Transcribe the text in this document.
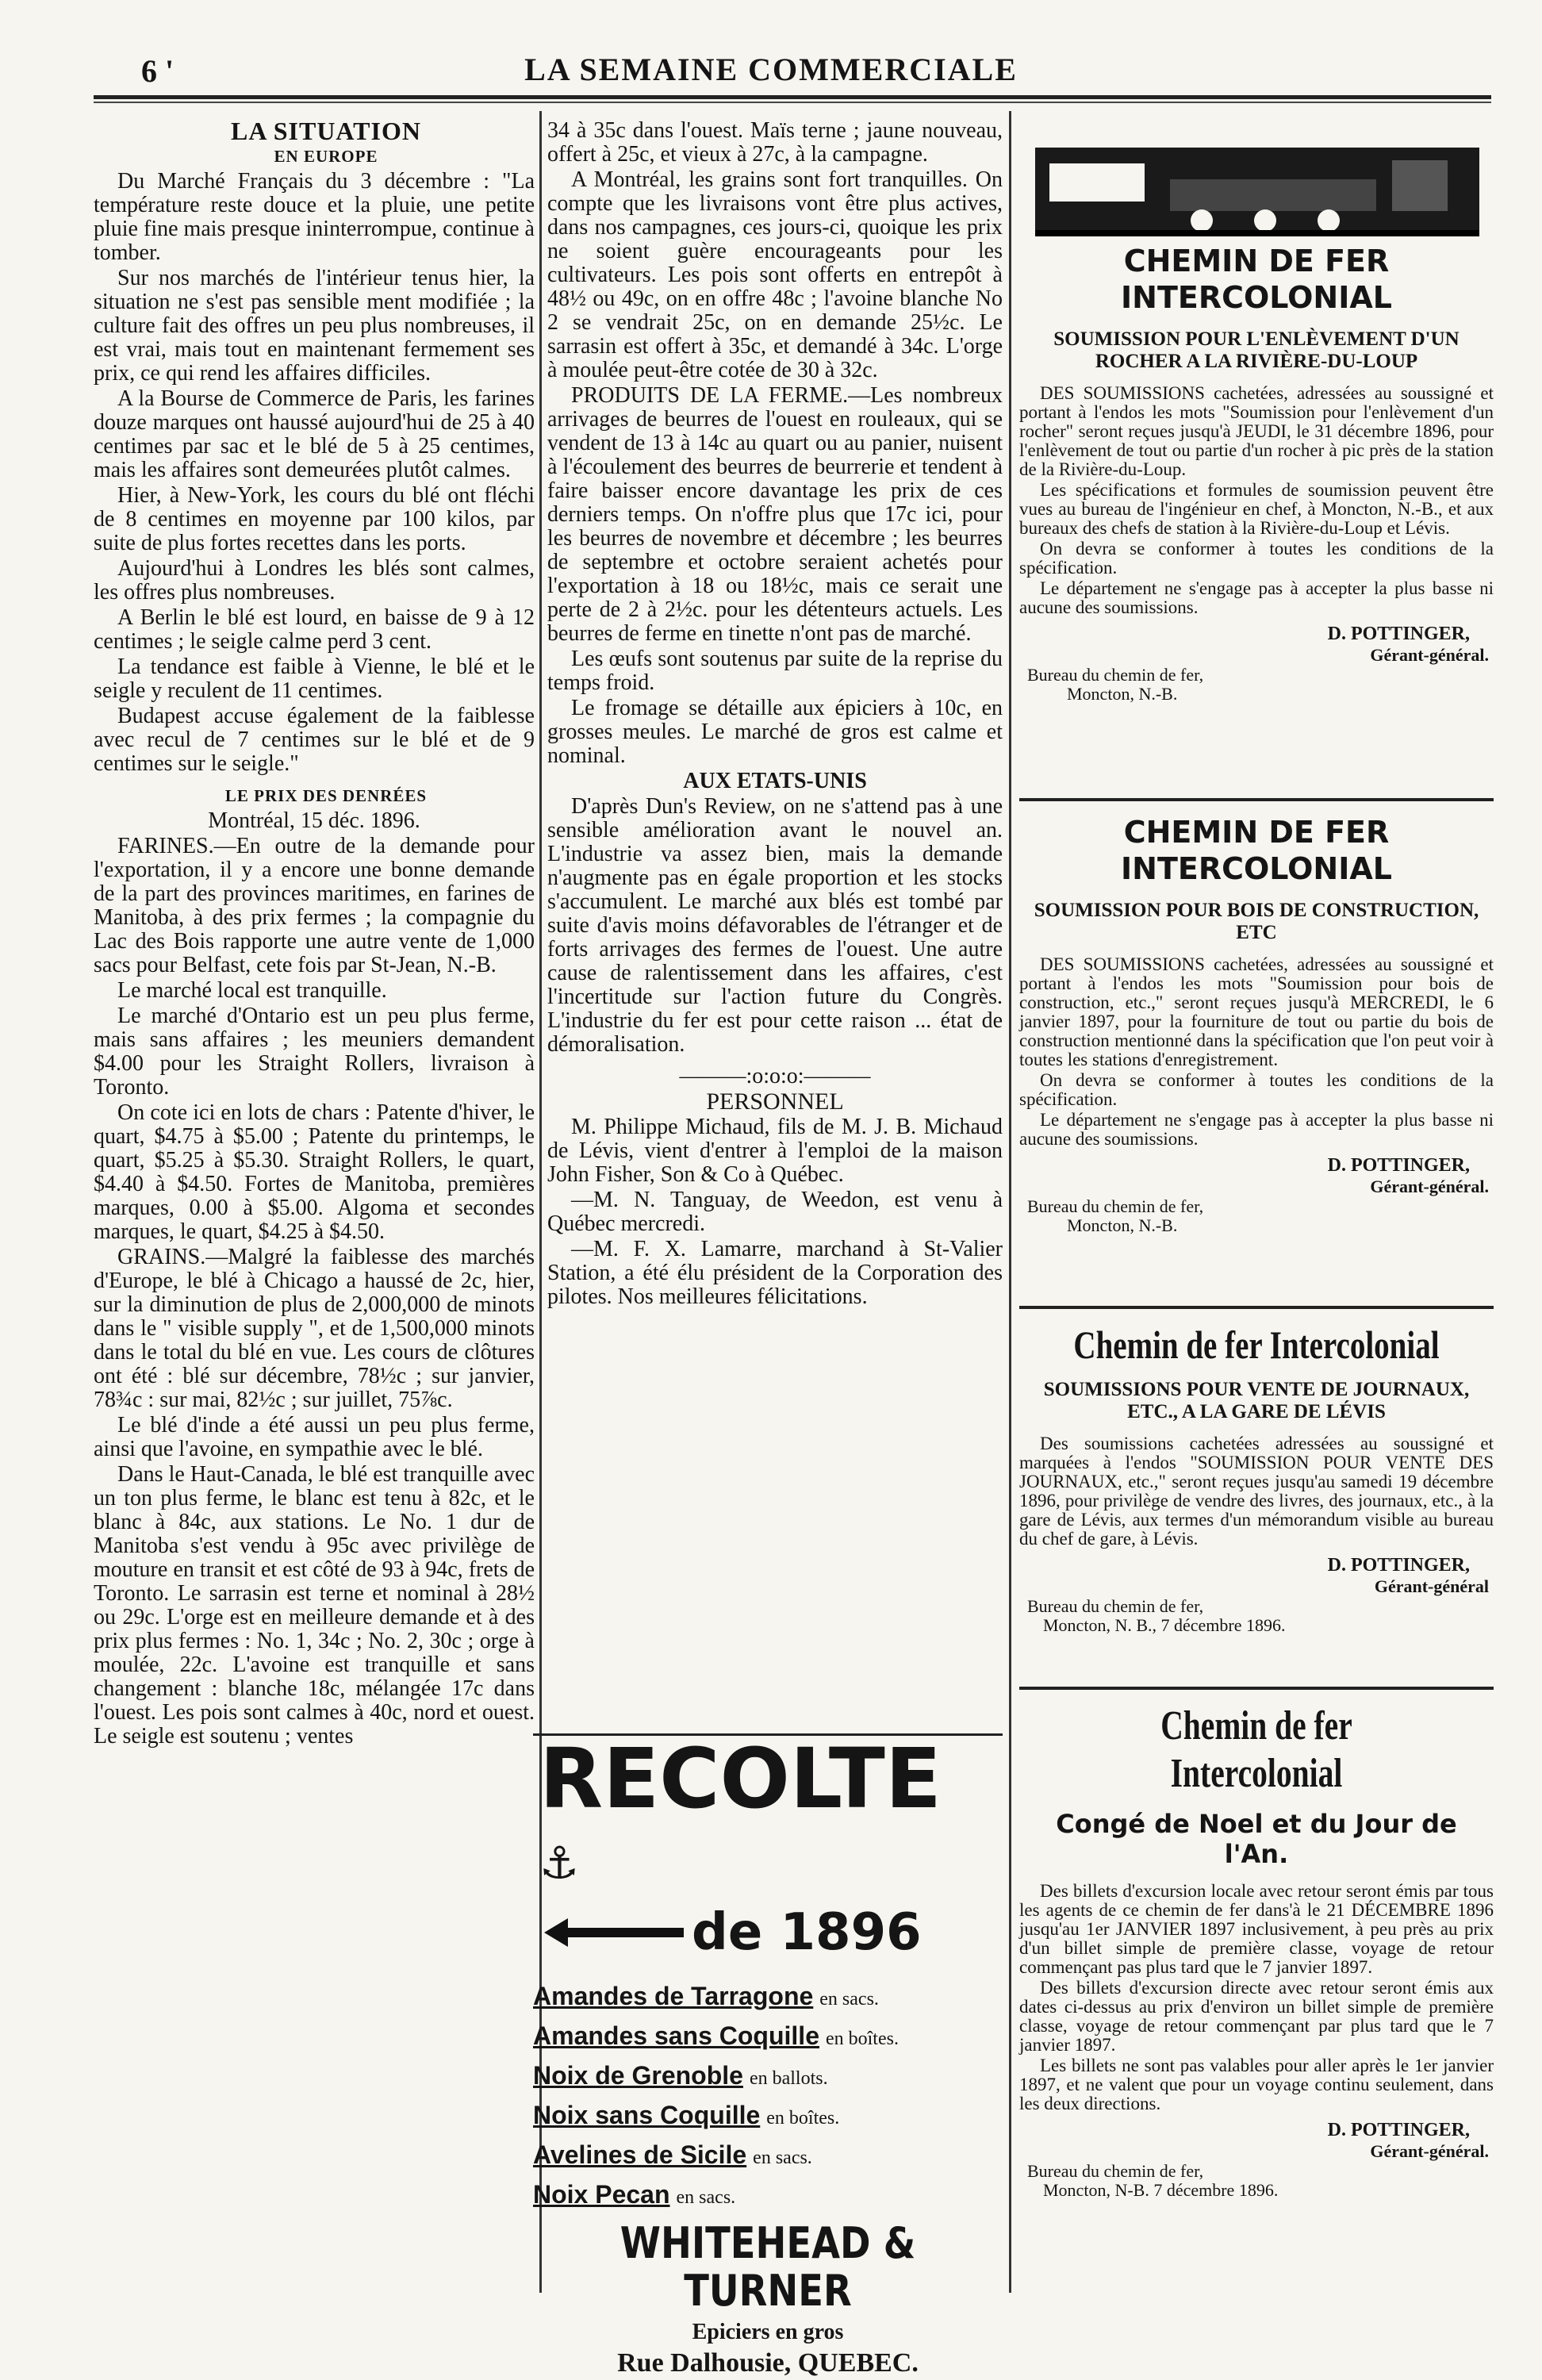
6 '	LA SEMAINE COMMERCIALE

LA SITUATION

EN EUROPE

Du Marché Français du 3 décembre : "La température reste douce et la pluie, une petite pluie fine mais presque ininterrompue, continue à tomber.

Sur nos marchés de l'intérieur tenus hier, la situation ne s'est pas sensible ment modifiée ; la culture fait des offres un peu plus nombreuses, il est vrai, mais tout en maintenant fermement ses prix, ce qui rend les affaires difficiles.

A la Bourse de Commerce de Paris, les farines douze marques ont haussé aujourd'hui de 25 à 40 centimes par sac et le blé de 5 à 25 centimes, mais les affaires sont demeurées plutôt calmes.

Hier, à New-York, les cours du blé ont fléchi de 8 centimes en moyenne par 100 kilos, par suite de plus fortes recettes dans les ports.

Aujourd'hui à Londres les blés sont calmes, les offres plus nombreuses.

A Berlin le blé est lourd, en baisse de 9 à 12 centimes ; le seigle calme perd 3 cent.

La tendance est faible à Vienne, le blé et le seigle y reculent de 11 centimes.

Budapest accuse également de la faiblesse avec recul de 7 centimes sur le blé et de 9 centimes sur le seigle."

LE PRIX DES DENRÉES

Montréal, 15 déc. 1896.

FARINES.—En outre de la demande pour l'exportation, il y a encore une bonne demande de la part des provinces maritimes, en farines de Manitoba, à des prix fermes ; la compagnie du Lac des Bois rapporte une autre vente de 1,000 sacs pour Belfast, cete fois par St-Jean, N.-B.

Le marché local est tranquille.

Le marché d'Ontario est un peu plus ferme, mais sans affaires ; les meuniers demandent $4.00 pour les Straight Rollers, livraison à Toronto.

On cote ici en lots de chars : Patente d'hiver, le quart, $4.75 à $5.00 ; Patente du printemps, le quart, $5.25 à $5.30. Straight Rollers, le quart, $4.40 à $4.50. Fortes de Manitoba, premières marques, 0.00 à $5.00. Algoma et secondes marques, le quart, $4.25 à $4.50.

GRAINS.—Malgré la faiblesse des marchés d'Europe, le blé à Chicago a haussé de 2c, hier, sur la diminution de plus de 2,000,000 de minots dans le " visible supply ", et de 1,500,000 minots dans le total du blé en vue. Les cours de clôtures ont été : blé sur décembre, 78½c ; sur janvier, 78¾c : sur mai, 82½c ; sur juillet, 75⅞c.

Le blé d'inde a été aussi un peu plus ferme, ainsi que l'avoine, en sympathie avec le blé.

Dans le Haut-Canada, le blé est tranquille avec un ton plus ferme, le blanc est tenu à 82c, et le blanc à 84c, aux stations. Le No. 1 dur de Manitoba s'est vendu à 95c avec privilège de mouture en transit et est côté de 93 à 94c, frets de Toronto. Le sarrasin est terne et nominal à 28½ ou 29c. L'orge est en meilleure demande et à des prix plus fermes : No. 1, 34c ; No. 2, 30c ; orge à moulée, 22c. L'avoine est tranquille et sans changement : blanche 18c, mélangée 17c dans l'ouest. Les pois sont calmes à 40c, nord et ouest. Le seigle est soutenu ; ventes

34 à 35c dans l'ouest. Maïs terne ; jaune nouveau, offert à 25c, et vieux à 27c, à la campagne.

A Montréal, les grains sont fort tranquilles. On compte que les livraisons vont être plus actives, dans nos campagnes, ces jours-ci, quoique les prix ne soient guère encourageants pour les cultivateurs. Les pois sont offerts en entrepôt à 48½ ou 49c, on en offre 48c ; l'avoine blanche No 2 se vendrait 25c, on en demande 25½c. Le sarrasin est offert à 35c, et demandé à 34c. L'orge à moulée peut-être cotée de 30 à 32c.

PRODUITS DE LA FERME.—Les nombreux arrivages de beurres de l'ouest en rouleaux, qui se vendent de 13 à 14c au quart ou au panier, nuisent à l'écoulement des beurres de beurrerie et tendent à faire baisser encore davantage les prix de ces derniers temps. On n'offre plus que 17c ici, pour les beurres de novembre et décembre ; les beurres de septembre et octobre seraient achetés pour l'exportation à 18 ou 18½c, mais ce serait une perte de 2 à 2½c. pour les détenteurs actuels. Les beurres de ferme en tinette n'ont pas de marché.

Les œufs sont soutenus par suite de la reprise du temps froid.

Le fromage se détaille aux épiciers à 10c, en grosses meules. Le marché de gros est calme et nominal.

AUX ETATS-UNIS

D'après Dun's Review, on ne s'attend pas à une sensible amélioration avant le nouvel an. L'industrie va assez bien, mais la demande n'augmente pas en égale proportion et les stocks s'accumulent. Le marché aux blés est tombé par suite d'avis moins défavorables de l'étranger et de forts arrivages des fermes de l'ouest. Une autre cause de ralentissement dans les affaires, c'est l'incertitude sur l'action future du Congrès. L'industrie du fer est pour cette raison ... état de démoralisation.

———:o:o:o:———

PERSONNEL

M. Philippe Michaud, fils de M. J. B. Michaud de Lévis, vient d'entrer à l'emploi de la maison John Fisher, Son & Co à Québec.

—M. N. Tanguay, de Weedon, est venu à Québec mercredi.

—M. F. X. Lamarre, marchand à St-Valier Station, a été élu président de la Corporation des pilotes. Nos meilleures félicitations.

RECOLTE ⚓
de 1896
Amandes de Tarragone en sacs.
Amandes sans Coquille en boîtes.
Noix de Grenoble en ballots.
Noix sans Coquille en boîtes.
Avelines de Sicile en sacs.
Noix Pecan en sacs.
WHITEHEAD & TURNER
Epiciers en gros
Rue Dalhousie, QUEBEC.
CHEMIN DE FER INTERCOLONIAL
SOUMISSION POUR L'ENLÈVEMENT D'UN ROCHER A LA RIVIÈRE-DU-LOUP

DES SOUMISSIONS cachetées, adressées au soussigné et portant à l'endos les mots "Soumission pour l'enlèvement d'un rocher" seront reçues jusqu'à JEUDI, le 31 décembre 1896, pour l'enlèvement de tout ou partie d'un rocher à pic près de la station de la Rivière-du-Loup.

Les spécifications et formules de soumission peuvent être vues au bureau de l'ingénieur en chef, à Moncton, N.-B., et aux bureaux des chefs de station à la Rivière-du-Loup et Lévis.

On devra se conformer à toutes les conditions de la spécification.

Le département ne s'engage pas à accepter la plus basse ni aucune des soumissions.

D. POTTINGER,
Gérant-général.
Bureau du chemin de fer,
Moncton, N.-B.
CHEMIN DE FER INTERCOLONIAL
SOUMISSION POUR BOIS DE CONSTRUCTION, ETC

DES SOUMISSIONS cachetées, adressées au soussigné et portant à l'endos les mots "Soumission pour bois de construction, etc.," seront reçues jusqu'à MERCREDI, le 6 janvier 1897, pour la fourniture de tout ou partie du bois de construction mentionné dans la spécification que l'on peut voir à toutes les stations d'enregistrement.

On devra se conformer à toutes les conditions de la spécification.

Le département ne s'engage pas à accepter la plus basse ni aucune des soumissions.

D. POTTINGER,
Gérant-général.
Bureau du chemin de fer,
Moncton, N.-B.
Chemin de fer Intercolonial
SOUMISSIONS POUR VENTE DE JOURNAUX, ETC., A LA GARE DE LÉVIS

Des soumissions cachetées adressées au soussigné et marquées à l'endos "SOUMISSION POUR VENTE DES JOURNAUX, etc.," seront reçues jusqu'au samedi 19 décembre 1896, pour privilège de vendre des livres, des journaux, etc., à la gare de Lévis, aux termes d'un mémorandum visible au bureau du chef de gare, à Lévis.

D. POTTINGER,
Gérant-général
Bureau du chemin de fer,
Moncton, N. B., 7 décembre 1896.
Chemin de fer Intercolonial
Congé de Noel et du Jour de l'An.

Des billets d'excursion locale avec retour seront émis par tous les agents de ce chemin de fer dans'à le 21 DÉCEMBRE 1896 jusqu'au 1er JANVIER 1897 inclusivement, à peu près au prix d'un billet simple de première classe, voyage de retour commençant pas plus tard que le 7 janvier 1897.

Des billets d'excursion directe avec retour seront émis aux dates ci-dessus au prix d'environ un billet simple de première classe, voyage de retour commençant par plus tard que le 7 janvier 1897.

Les billets ne sont pas valables pour aller après le 1er janvier 1897, et ne valent que pour un voyage continu seulement, dans les deux directions.

D. POTTINGER,
Gérant-général.
Bureau du chemin de fer,
Moncton, N-B. 7 décembre 1896.
